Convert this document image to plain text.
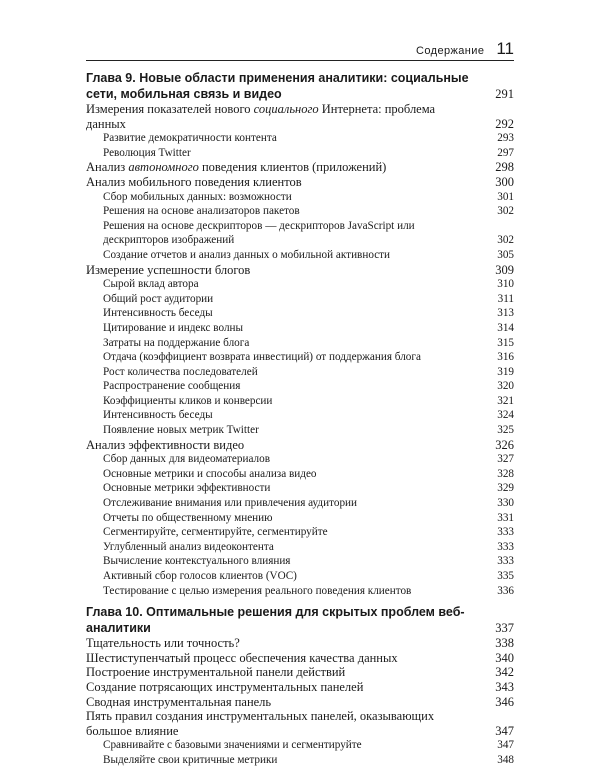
Содержание 11
Глава 9. Новые области применения аналитики: социальные сети, мобильная связь и видео	291
Измерения показателей нового социального Интернета: проблема данных	292
Развитие демократичности контента	293
Революция Twitter	297
Анализ автономного поведения клиентов (приложений)	298
Анализ мобильного поведения клиентов	300
Сбор мобильных данных: возможности	301
Решения на основе анализаторов пакетов	302
Решения на основе дескрипторов — дескрипторов JavaScript или дескрипторов изображений	302
Создание отчетов и анализ данных о мобильной активности	305
Измерение успешности блогов	309
Сырой вклад автора	310
Общий рост аудитории	311
Интенсивность беседы	313
Цитирование и индекс волны	314
Затраты на поддержание блога	315
Отдача (коэффициент возврата инвестиций) от поддержания блога	316
Рост количества последователей	319
Распространение сообщения	320
Коэффициенты кликов и конверсии	321
Интенсивность беседы	324
Появление новых метрик Twitter	325
Анализ эффективности видео	326
Сбор данных для видеоматериалов	327
Основные метрики и способы анализа видео	328
Основные метрики эффективности	329
Отслеживание внимания или привлечения аудитории	330
Отчеты по общественному мнению	331
Сегментируйте, сегментируйте, сегментируйте	333
Углубленный анализ видеоконтента	333
Вычисление контекстуального влияния	333
Активный сбор голосов клиентов (VOC)	335
Тестирование с целью измерения реального поведения клиентов	336
Глава 10. Оптимальные решения для скрытых проблем веб-аналитики	337
Тщательность или точность?	338
Шестиступенчатый процесс обеспечения качества данных	340
Построение инструментальной панели действий	342
Создание потрясающих инструментальных панелей	343
Сводная инструментальная панель	346
Пять правил создания инструментальных панелей, оказывающих большое влияние	347
Сравнивайте с базовыми значениями и сегментируйте	347
Выделяйте свои критичные метрики	348
